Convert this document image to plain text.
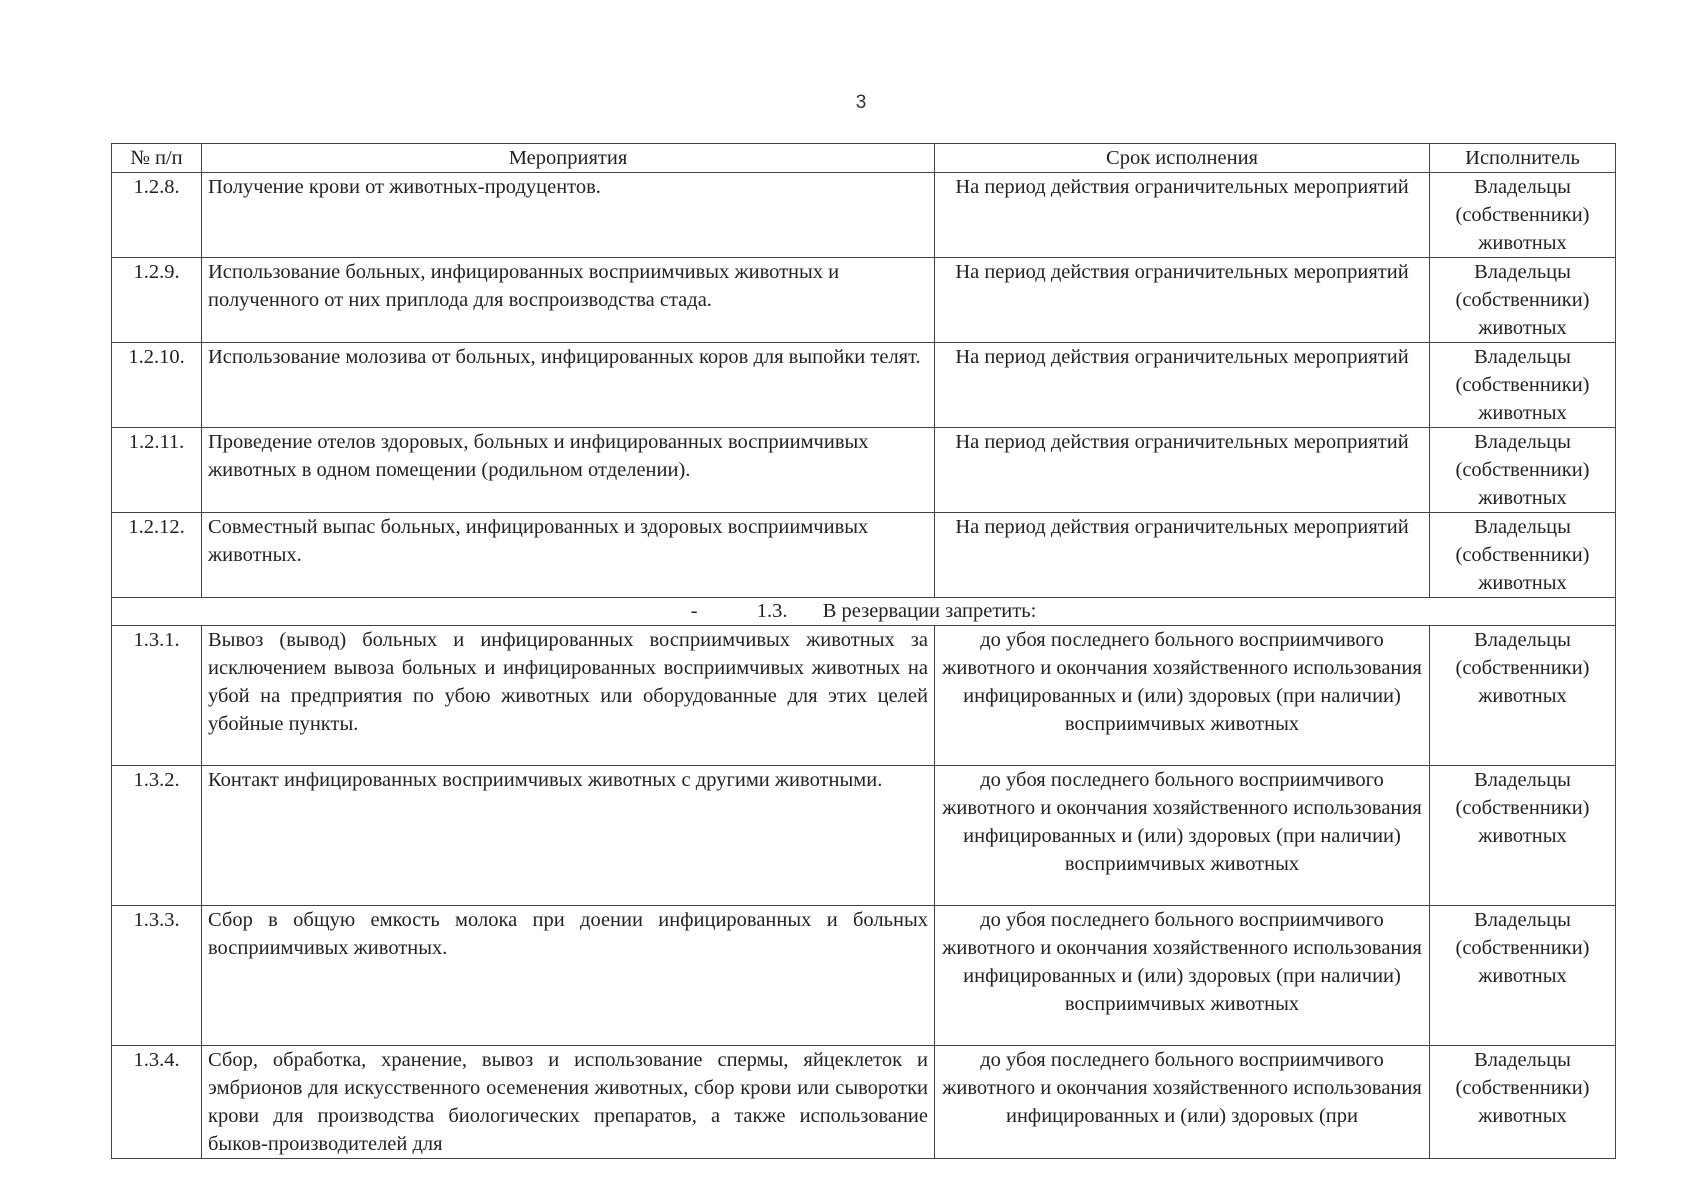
3
№ п/п	Мероприятия	Срок исполнения	Исполнитель
1.2.8.	Получение крови от животных-продуцентов.	На период действия ограничительных мероприятий	Владельцы (собственники) животных
1.2.9.	Использование больных, инфицированных восприимчивых животных и полученного от них приплода для воспроизводства стада.	На период действия ограничительных мероприятий	Владельцы (собственники) животных
1.2.10.	Использование молозива от больных, инфицированных коров для выпойки телят.	На период действия ограничительных мероприятий	Владельцы (собственники) животных
1.2.11.	Проведение отелов здоровых, больных и инфицированных восприимчивых животных в одном помещении (родильном отделении).	На период действия ограничительных мероприятий	Владельцы (собственники) животных
1.2.12.	Совместный выпас больных, инфицированных и здоровых восприимчивых животных.	На период действия ограничительных мероприятий	Владельцы (собственники) животных
- 1.3. В резервации запретить:			
1.3.1.	Вывоз (вывод) больных и инфицированных восприимчивых животных за исключением вывоза больных и инфицированных восприимчивых животных на убой на предприятия по убою животных или оборудованные для этих целей убойные пункты.	до убоя последнего больного восприимчивого животного и окончания хозяйственного использования инфицированных и (или) здоровых (при наличии) восприимчивых животных	Владельцы (собственники) животных
1.3.2.	Контакт инфицированных восприимчивых животных с другими животными.	до убоя последнего больного восприимчивого животного и окончания хозяйственного использования инфицированных и (или) здоровых (при наличии) восприимчивых животных	Владельцы (собственники) животных
1.3.3.	Сбор в общую емкость молока при доении инфицированных и больных восприимчивых животных.	до убоя последнего больного восприимчивого животного и окончания хозяйственного использования инфицированных и (или) здоровых (при наличии) восприимчивых животных	Владельцы (собственники) животных
1.3.4.	Сбор, обработка, хранение, вывоз и использование спермы, яйцеклеток и эмбрионов для искусственного осеменения животных, сбор крови или сыворотки крови для производства биологических препаратов, а также использование быков-производителей для	до убоя последнего больного восприимчивого животного и окончания хозяйственного использования инфицированных и (или) здоровых (при	Владельцы (собственники) животных
